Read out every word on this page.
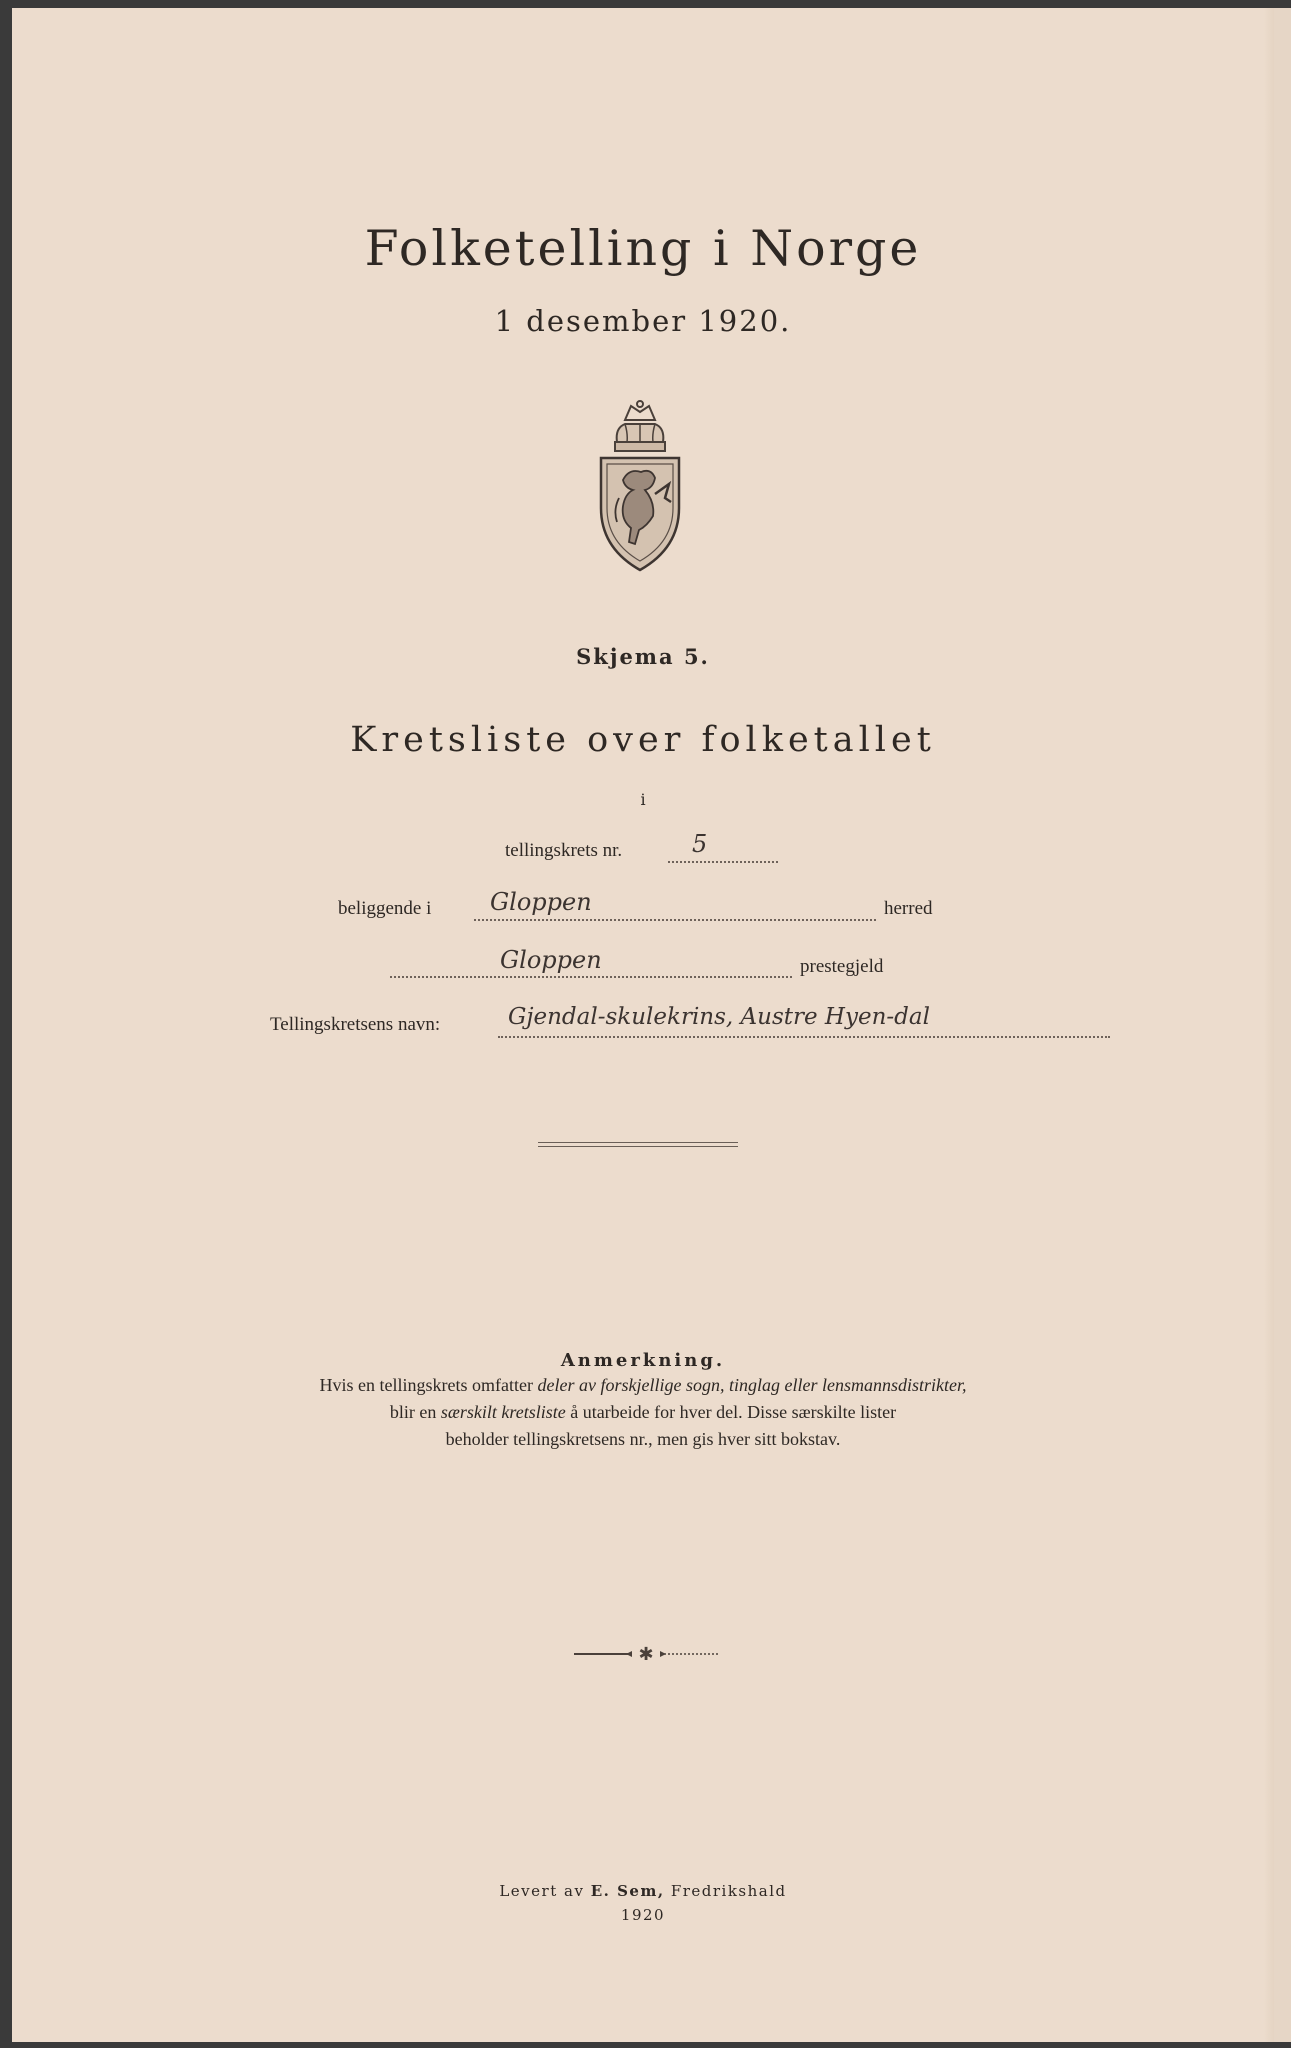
Folketelling i Norge
1 desember 1920.
Skjema 5.
Kretsliste over folketallet
i
tellingskrets nr.	5
beliggende i Gloppen	herred
Gloppen	prestegjeld
Tellingskretsens navn:	Gjendal-skulekrins, Austre Hyen-dal
Anmerkning.
Hvis en tellingskrets omfatter deler av forskjellige sogn, tinglag eller lensmannsdistrikter,
blir en særskilt kretsliste å utarbeide for hver del. Disse særskilte lister
beholder tellingskretsens nr., men gis hver sitt bokstav.
✱
Levert av E. Sem, Fredrikshald
1920
